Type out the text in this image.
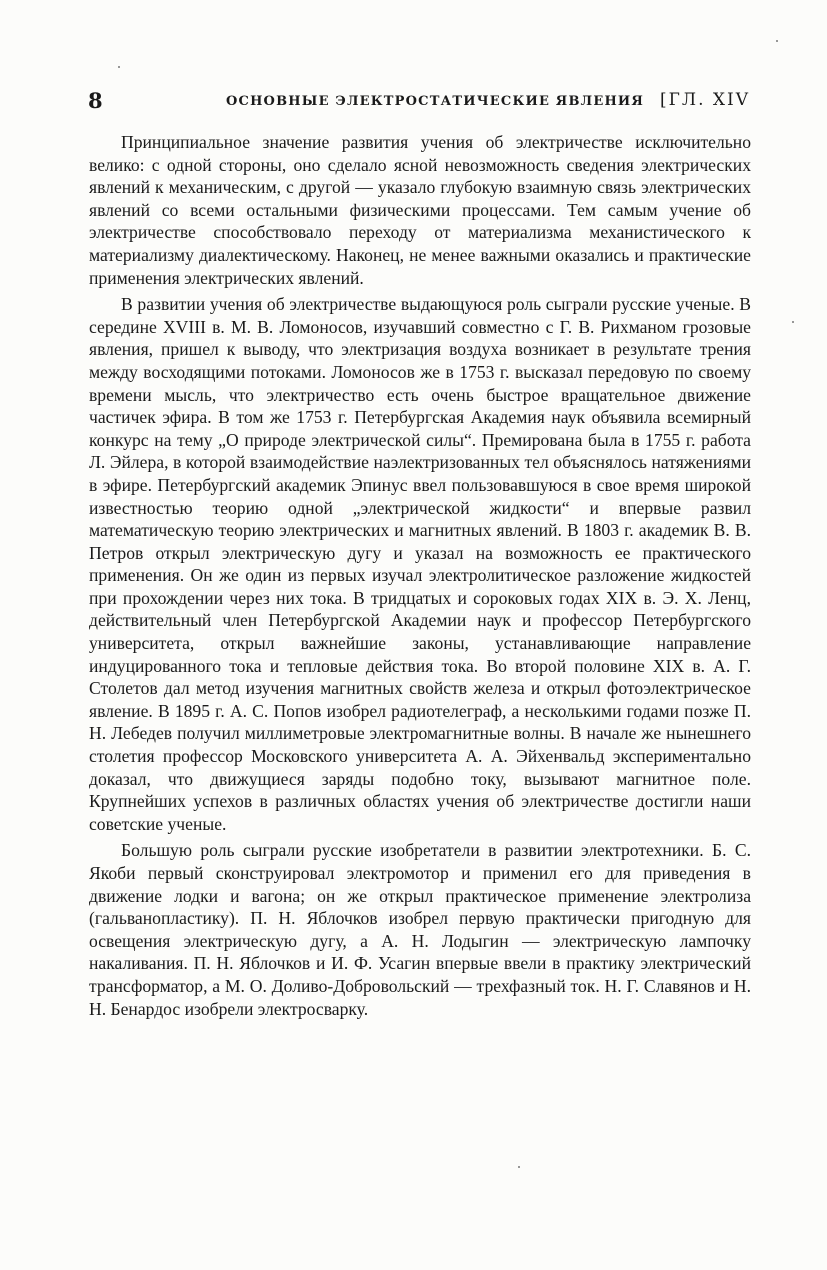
8	ОСНОВНЫЕ ЭЛЕКТРОСТАТИЧЕСКИЕ ЯВЛЕНИЯ [ГЛ. XIV

Принципиальное значение развития учения об электричестве исключительно велико: с одной стороны, оно сделало ясной невозможность сведения электрических явлений к механическим, с другой — указало глубокую взаимную связь электрических явлений со всеми остальными физическими процессами. Тем самым учение об электричестве способствовало переходу от материализма механистического к материализму диалектическому. Наконец, не менее важными оказались и практические применения электрических явлений.

В развитии учения об электричестве выдающуюся роль сыграли русские ученые. В середине XVIII в. М. В. Ломоносов, изучавший совместно с Г. В. Рихманом грозовые явления, пришел к выводу, что электризация воздуха возникает в результате трения между восходящими потоками. Ломоносов же в 1753 г. высказал передовую по своему времени мысль, что электричество есть очень быстрое вращательное движение частичек эфира. В том же 1753 г. Петербургская Академия наук объявила всемирный конкурс на тему „О природе электрической силы“. Премирована была в 1755 г. работа Л. Эйлера, в которой взаимодействие наэлектризованных тел объяснялось натяжениями в эфире. Петербургский академик Эпинус ввел пользовавшуюся в свое время широкой известностью теорию одной „электрической жидкости“ и впервые развил математическую теорию электрических и магнитных явлений. В 1803 г. академик В. В. Петров открыл электрическую дугу и указал на возможность ее практического применения. Он же один из первых изучал электролитическое разложение жидкостей при прохождении через них тока. В тридцатых и сороковых годах XIX в. Э. Х. Ленц, действительный член Петербургской Академии наук и профессор Петербургского университета, открыл важнейшие законы, устанавливающие направление индуцированного тока и тепловые действия тока. Во второй половине XIX в. А. Г. Столетов дал метод изучения магнитных свойств железа и открыл фотоэлектрическое явление. В 1895 г. А. С. Попов изобрел радиотелеграф, а несколькими годами позже П. Н. Лебедев получил миллиметровые электромагнитные волны. В начале же нынешнего столетия профессор Московского университета А. А. Эйхенвальд экспериментально доказал, что движущиеся заряды подобно току, вызывают магнитное поле. Крупнейших успехов в различных областях учения об электричестве достигли наши советские ученые.

Большую роль сыграли русские изобретатели в развитии электротехники. Б. С. Якоби первый сконструировал электромотор и применил его для приведения в движение лодки и вагона; он же открыл практическое применение электролиза (гальванопластику). П. Н. Яблочков изобрел первую практически пригодную для освещения электрическую дугу, а А. Н. Лодыгин — электрическую лампочку накаливания. П. Н. Яблочков и И. Ф. Усагин впервые ввели в практику электрический трансформатор, а М. О. Доливо-Добровольский — трехфазный ток. Н. Г. Славянов и Н. Н. Бенардос изобрели электросварку.
